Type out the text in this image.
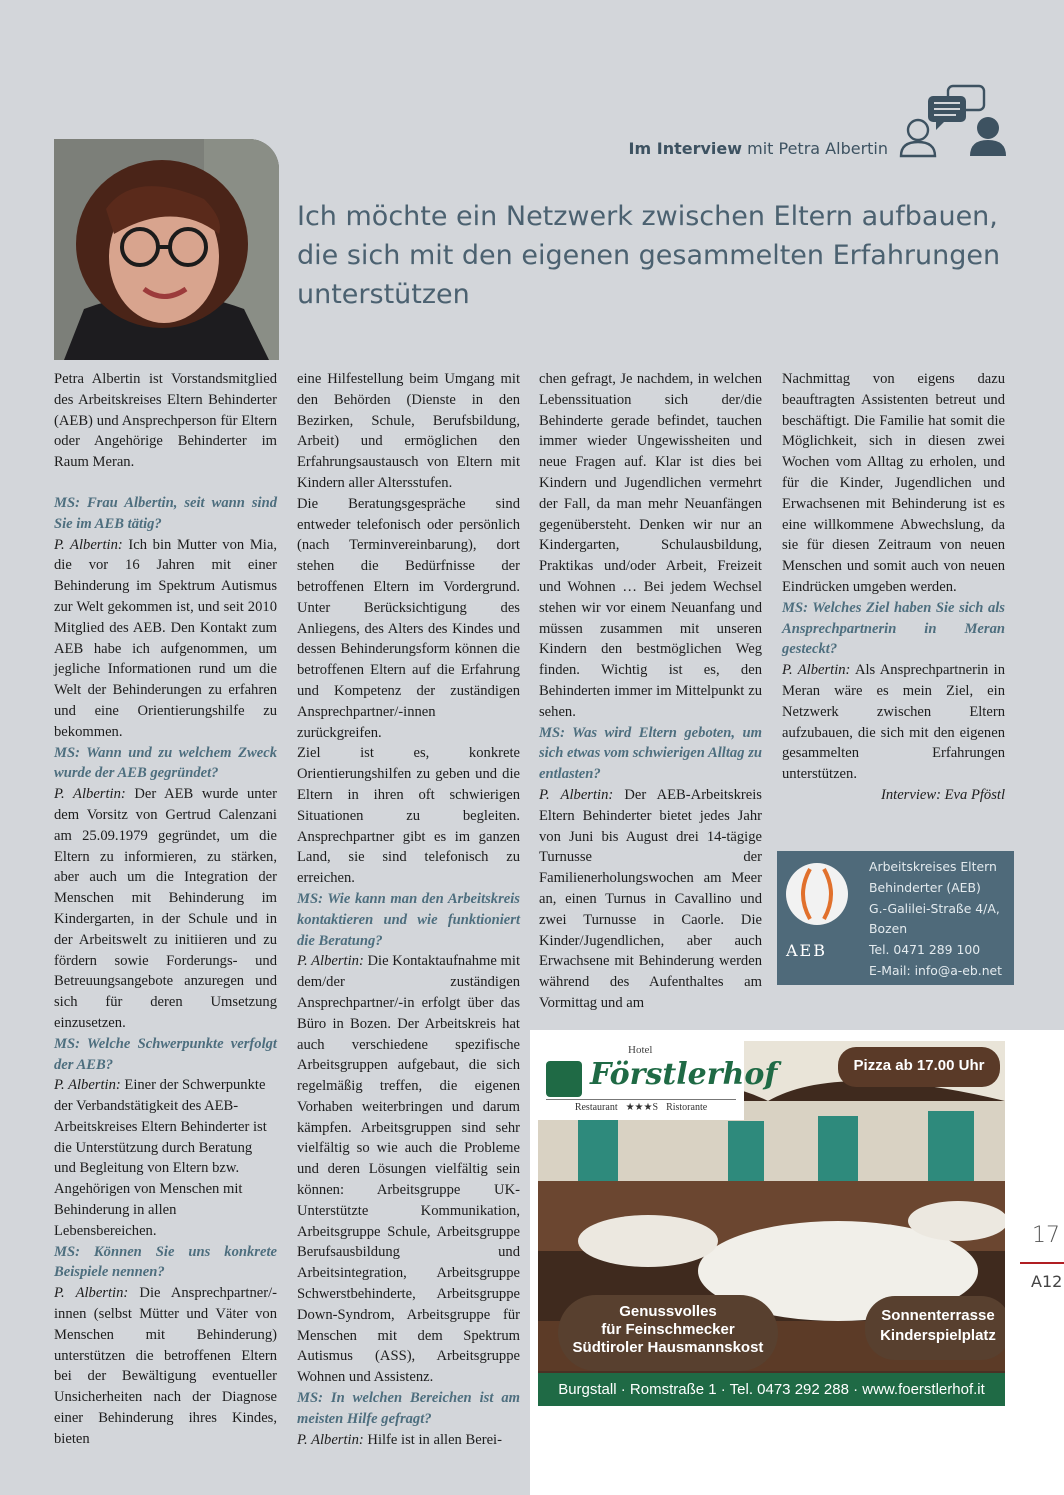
Im Interview mit Petra Albertin
Ich möchte ein Netzwerk zwischen Eltern aufbauen, die sich mit den eigenen gesammelten Erfahrungen unterstützen

Petra Albertin ist Vorstandsmitglied des Arbeitskreises Eltern Behinderter (AEB) und Ansprechperson für Eltern oder Angehörige Behinderter im Raum Meran.

MS: Frau Albertin, seit wann sind Sie im AEB tätig?

P. Albertin: Ich bin Mutter von Mia, die vor 16 Jahren mit einer Behinderung im Spektrum Autismus zur Welt gekommen ist, und seit 2010 Mitglied des AEB. Den Kontakt zum AEB habe ich aufgenommen, um jegliche Informationen rund um die Welt der Behinderungen zu erfahren und eine Orientierungshilfe zu bekommen.

MS: Wann und zu welchem Zweck wurde der AEB gegründet?

P. Albertin: Der AEB wurde unter dem Vorsitz von Gertrud Calenzani am 25.09.1979 gegründet, um die Eltern zu informieren, zu stärken, aber auch um die Integration der Menschen mit Behinderung im Kindergarten, in der Schule und in der Arbeitswelt zu initiieren und zu fördern sowie Forderungs- und Betreuungsangebote anzuregen und sich für deren Umsetzung einzusetzen.

MS: Welche Schwerpunkte verfolgt der AEB?

P. Albertin: Einer der Schwerpunkte der Verbandstätigkeit des AEB-Arbeitskreises Eltern Behinderter ist die Unterstützung durch Beratung und Begleitung von Eltern bzw. Angehörigen von Menschen mit Behinderung in allen Lebensbereichen.

MS: Können Sie uns konkrete Beispiele nennen?

P. Albertin: Die Ansprechpartner/-innen (selbst Mütter und Väter von Menschen mit Behinderung) unterstützen die betroffenen Eltern bei der Bewältigung eventueller Unsicherheiten nach der Diagnose einer Behinderung ihres Kindes, bieten

eine Hilfestellung beim Umgang mit den Behörden (Dienste in den Bezirken, Schule, Berufsbildung, Arbeit) und ermöglichen den Erfahrungsaustausch von Eltern mit Kindern aller Altersstufen.

Die Beratungsgespräche sind entweder telefonisch oder persönlich (nach Terminvereinbarung), dort stehen die Bedürfnisse der betroffenen Eltern im Vordergrund. Unter Berücksichtigung des Anliegens, des Alters des Kindes und dessen Behinderungsform können die betroffenen Eltern auf die Erfahrung und Kompetenz der zuständigen Ansprechpartner/-innen zurückgreifen.

Ziel ist es, konkrete Orientierungshilfen zu geben und die Eltern in ihren oft schwierigen Situationen zu begleiten. Ansprechpartner gibt es im ganzen Land, sie sind telefonisch zu erreichen.

MS: Wie kann man den Arbeitskreis kontaktieren und wie funktioniert die Beratung?

P. Albertin: Die Kontaktaufnahme mit dem/der zuständigen Ansprechpartner/-in erfolgt über das Büro in Bozen. Der Arbeitskreis hat auch verschiedene spezifische Arbeitsgruppen aufgebaut, die sich regelmäßig treffen, die eigenen Vorhaben weiterbringen und darum kämpfen. Arbeitsgruppen sind sehr vielfältig so wie auch die Probleme und deren Lösungen vielfältig sein können: Arbeitsgruppe UK-Unterstützte Kommunikation, Arbeitsgruppe Schule, Arbeitsgruppe Berufsausbildung und Arbeitsintegration, Arbeitsgruppe Schwerstbehinderte, Arbeitsgruppe Down-Syndrom, Arbeitsgruppe für Menschen mit dem Spektrum Autismus (ASS), Arbeitsgruppe Wohnen und Assistenz.

MS: In welchen Bereichen ist am meisten Hilfe gefragt?

P. Albertin: Hilfe ist in allen Berei-

chen gefragt, Je nachdem, in welchen Lebenssituation sich der/die Behinderte gerade befindet, tauchen immer wieder Ungewissheiten und neue Fragen auf. Klar ist dies bei Kindern und Jugendlichen vermehrt der Fall, da man mehr Neuanfängen gegenübersteht. Denken wir nur an Kindergarten, Schulausbildung, Praktikas und/oder Arbeit, Freizeit und Wohnen … Bei jedem Wechsel stehen wir vor einem Neuanfang und müssen zusammen mit unseren Kindern den bestmöglichen Weg finden. Wichtig ist es, den Behinderten immer im Mittelpunkt zu sehen.

MS: Was wird Eltern geboten, um sich etwas vom schwierigen Alltag zu entlasten?

P. Albertin: Der AEB-Arbeitskreis Eltern Behinderter bietet jedes Jahr von Juni bis August drei 14-tägige Turnusse der Familienerholungswochen am Meer an, einen Turnus in Cavallino und zwei Turnusse in Caorle. Die Kinder/Jugendlichen, aber auch Erwachsene mit Behinderung werden während des Aufenthaltes am Vormittag und am

Nachmittag von eigens dazu beauftragten Assistenten betreut und beschäftigt. Die Familie hat somit die Möglichkeit, sich in diesen zwei Wochen vom Alltag zu erholen, und für die Kinder, Jugendlichen und Erwachsenen mit Behinderung ist es eine willkommene Abwechslung, da sie für diesen Zeitraum von neuen Menschen und somit auch von neuen Eindrücken umgeben werden.

MS: Welches Ziel haben Sie sich als Ansprechpartnerin in Meran gesteckt?

P. Albertin: Als Ansprechpartnerin in Meran wäre es mein Ziel, ein Netzwerk zwischen Eltern aufzubauen, die sich mit den eigenen gesammelten Erfahrungen unterstützen.

Interview: Eva Pföstl

AEB
Arbeitskreises Eltern
Behinderter (AEB)
G.-Galilei-Straße 4/A,
Bozen
Tel. 0471 289 100
E-Mail: info@a-eb.net
Hotel
Förstlerhof
Restaurant ★★★S Ristorante
Pizza ab 17.00 Uhr
Genussvolles
für Feinschmecker
Südtiroler Hausmannskost
Sonnenterrasse
Kinderspielplatz
Burgstall · Romstraße 1 · Tel. 0473 292 288 · www.foerstlerhof.it
17
A12
